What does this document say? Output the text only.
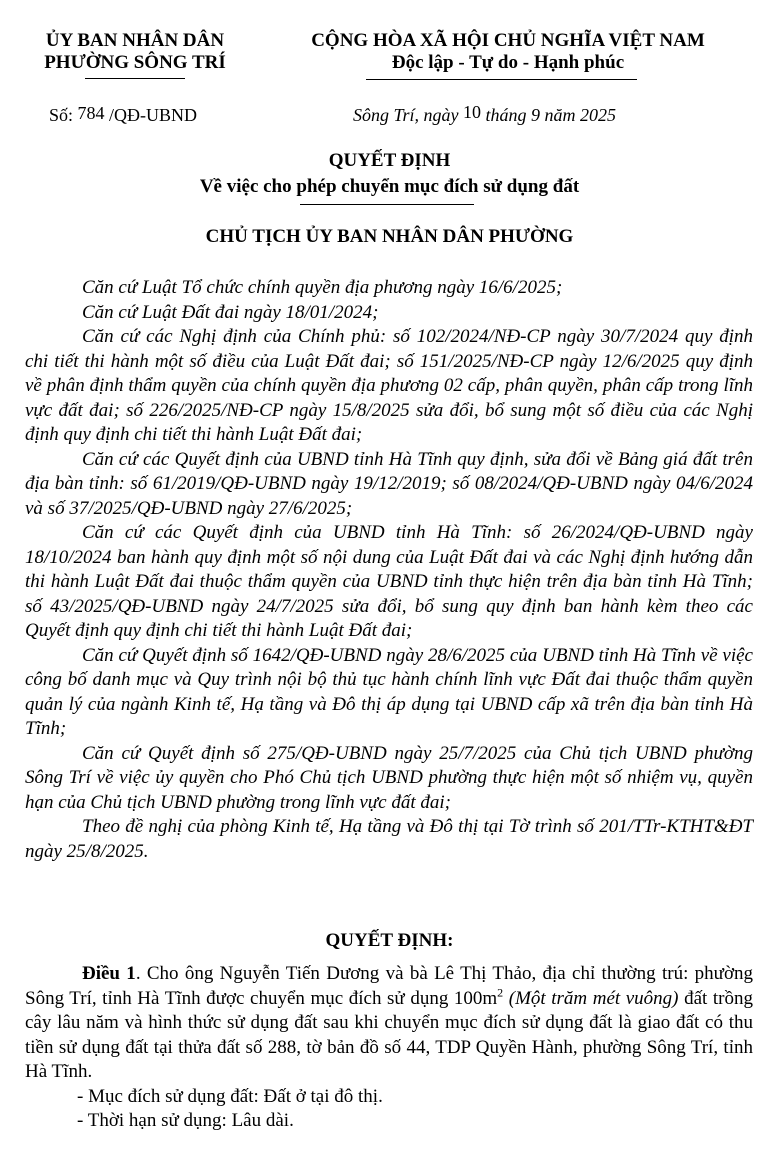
ỦY BAN NHÂN DÂN
PHƯỜNG SÔNG TRÍ
CỘNG HÒA XÃ HỘI CHỦ NGHĨA VIỆT NAM
Độc lập - Tự do - Hạnh phúc
Số: 784 /QĐ-UBND	Sông Trí, ngày 10 tháng 9 năm 2025
QUYẾT ĐỊNH
Về việc cho phép chuyển mục đích sử dụng đất
CHỦ TỊCH ỦY BAN NHÂN DÂN PHƯỜNG

Căn cứ Luật Tổ chức chính quyền địa phương ngày 16/6/2025;

Căn cứ Luật Đất đai ngày 18/01/2024;

Căn cứ các Nghị định của Chính phủ: số 102/2024/NĐ-CP ngày 30/7/2024 quy định chi tiết thi hành một số điều của Luật Đất đai; số 151/2025/NĐ-CP ngày 12/6/2025 quy định về phân định thẩm quyền của chính quyền địa phương 02 cấp, phân quyền, phân cấp trong lĩnh vực đất đai; số 226/2025/NĐ-CP ngày 15/8/2025 sửa đổi, bổ sung một số điều của các Nghị định quy định chi tiết thi hành Luật Đất đai;

Căn cứ các Quyết định của UBND tỉnh Hà Tĩnh quy định, sửa đổi về Bảng giá đất trên địa bàn tỉnh: số 61/2019/QĐ-UBND ngày 19/12/2019; số 08/2024/QĐ-UBND ngày 04/6/2024 và số 37/2025/QĐ-UBND ngày 27/6/2025;

Căn cứ các Quyết định của UBND tỉnh Hà Tĩnh: số 26/2024/QĐ-UBND ngày 18/10/2024 ban hành quy định một số nội dung của Luật Đất đai và các Nghị định hướng dẫn thi hành Luật Đất đai thuộc thẩm quyền của UBND tỉnh thực hiện trên địa bàn tỉnh Hà Tĩnh; số 43/2025/QĐ-UBND ngày 24/7/2025 sửa đổi, bổ sung quy định ban hành kèm theo các Quyết định quy định chi tiết thi hành Luật Đất đai;

Căn cứ Quyết định số 1642/QĐ-UBND ngày 28/6/2025 của UBND tỉnh Hà Tĩnh về việc công bố danh mục và Quy trình nội bộ thủ tục hành chính lĩnh vực Đất đai thuộc thẩm quyền quản lý của ngành Kinh tế, Hạ tầng và Đô thị áp dụng tại UBND cấp xã trên địa bàn tỉnh Hà Tĩnh;

Căn cứ Quyết định số 275/QĐ-UBND ngày 25/7/2025 của Chủ tịch UBND phường Sông Trí về việc ủy quyền cho Phó Chủ tịch UBND phường thực hiện một số nhiệm vụ, quyền hạn của Chủ tịch UBND phường trong lĩnh vực đất đai;

Theo đề nghị của phòng Kinh tế, Hạ tầng và Đô thị tại Tờ trình số 201/TTr-KTHT&ĐT ngày 25/8/2025.

QUYẾT ĐỊNH:

Điều 1. Cho ông Nguyễn Tiến Dương và bà Lê Thị Thảo, địa chỉ thường trú: phường Sông Trí, tỉnh Hà Tĩnh được chuyển mục đích sử dụng $100m^2$ (Một trăm mét vuông) đất trồng cây lâu năm và hình thức sử dụng đất sau khi chuyển mục đích sử dụng đất là giao đất có thu tiền sử dụng đất tại thửa đất số 288, tờ bản đồ số 44, TDP Quyền Hành, phường Sông Trí, tỉnh Hà Tĩnh.

- Mục đích sử dụng đất: Đất ở tại đô thị.

- Thời hạn sử dụng: Lâu dài.
